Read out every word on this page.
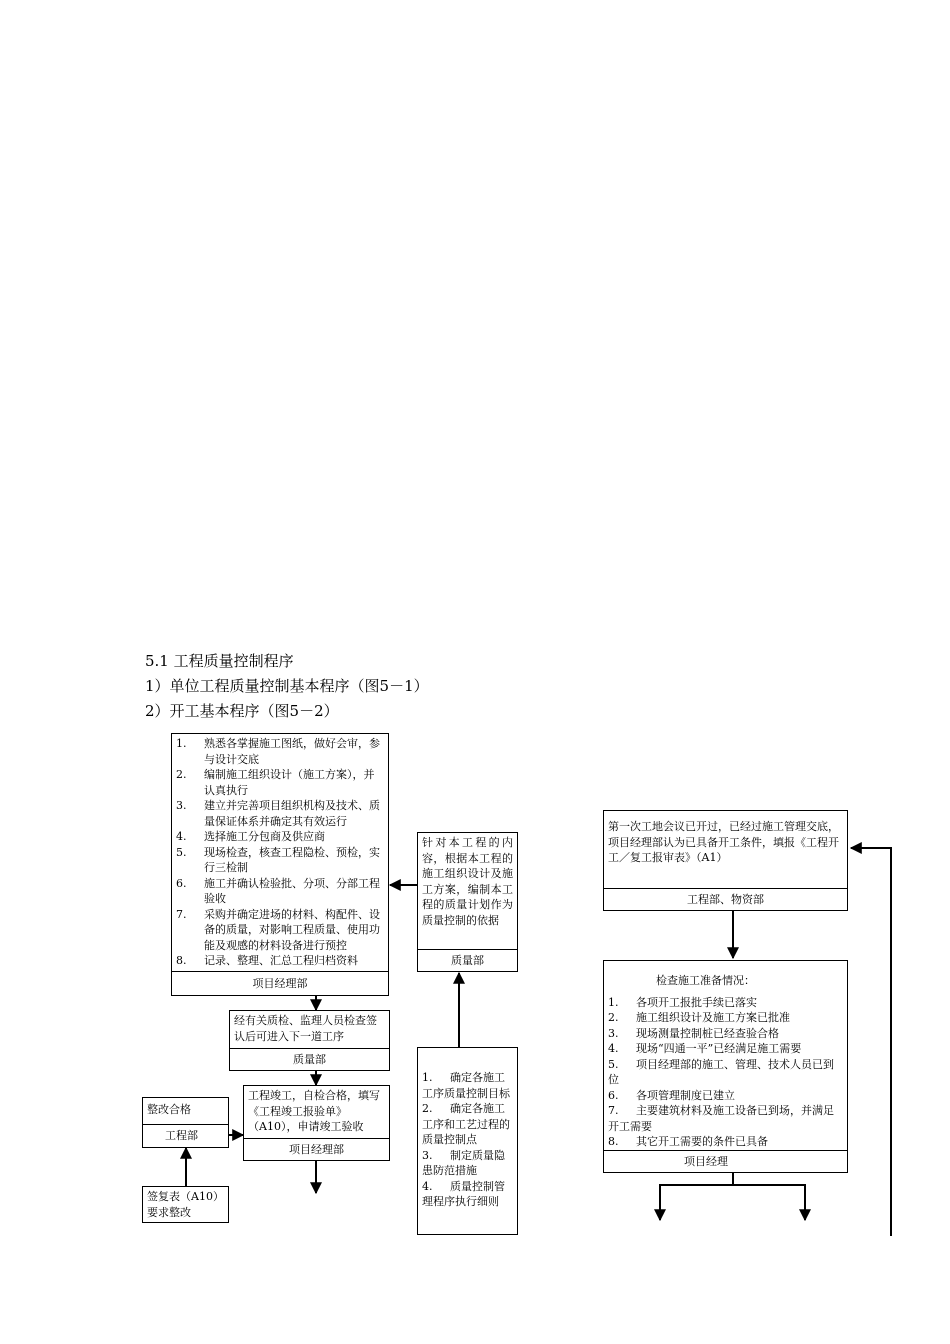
5.1 工程质量控制程序
1）单位工程质量控制基本程序（图5－1）
2）开工基本程序（图5－2）
1.	熟悉各掌握施工图纸，做好会审，参与设计交底
2.	编制施工组织设计（施工方案），并认真执行
3.	建立并完善项目组织机构及技术、质量保证体系并确定其有效运行
4.	选择施工分包商及供应商
5.	现场检查，核查工程隐检、预检，实行三检制
6.	施工并确认检验批、分项、分部工程验收
7.	采购并确定进场的材料、构配件、设备的质量，对影响工程质量、使用功能及观感的材料设备进行预控
8.	记录、整理、汇总工程归档资料
项目经理部
针对本工程的内容，根据本工程的施工组织设计及施工方案，编制本工程的质量计划作为质量控制的依据
质量部
经有关质检、监理人员检查签认后可进入下一道工序
质量部
工程竣工，自检合格，填写《工程竣工报验单》（A10），申请竣工验收
项目经理部
整改合格
工程部
签复表（A10）要求整改
1. 确定各施工工序质量控制目标
2. 确定各施工工序和工艺过程的质量控制点
3. 制定质量隐患防范措施
4. 质量控制管理程序执行细则
第一次工地会议已开过，已经过施工管理交底，项目经理部认为已具备开工条件，填报《工程开工／复工报审表》（A1）
工程部、物资部
检查施工准备情况：
1. 各项开工报批手续已落实
2. 施工组织设计及施工方案已批准
3. 现场测量控制桩已经查验合格
4. 现场“四通一平”已经满足施工需要
5. 项目经理部的施工、管理、技术人员已到位
6. 各项管理制度已建立
7. 主要建筑材料及施工设备已到场，并满足开工需要
8. 其它开工需要的条件已具备
项目经理
